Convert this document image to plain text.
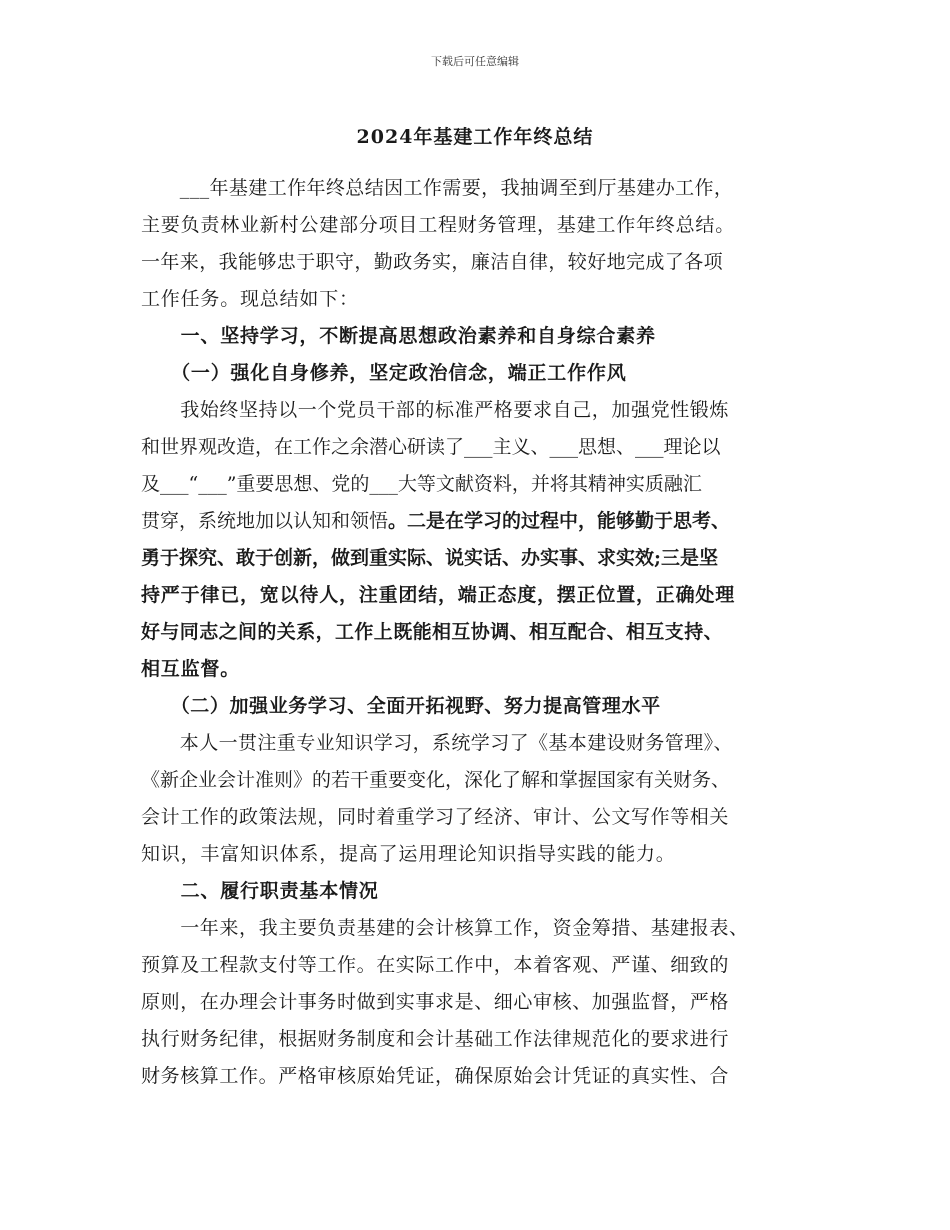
下载后可任意编辑
2024年基建工作年终总结
　　___年基建工作年终总结因工作需要，我抽调至到厅基建办工作，
主要负责林业新村公建部分项目工程财务管理，基建工作年终总结。
一年来，我能够忠于职守，勤政务实，廉洁自律，较好地完成了各项
工作任务。现总结如下：
　　一、坚持学习，不断提高思想政治素养和自身综合素养
　　（一）强化自身修养，坚定政治信念，端正工作作风
　　我始终坚持以一个党员干部的标准严格要求自己，加强党性锻炼
和世界观改造，在工作之余潜心研读了___主义、___思想、___理论以
及___“___”重要思想、党的___大等文献资料，并将其精神实质融汇
贯穿，系统地加以认知和领悟。二是在学习的过程中，能够勤于思考、
勇于探究、敢于创新，做到重实际、说实话、办实事、求实效;三是坚
持严于律已，宽以待人，注重团结，端正态度，摆正位置，正确处理
好与同志之间的关系，工作上既能相互协调、相互配合、相互支持、
相互监督。
　　（二）加强业务学习、全面开拓视野、努力提高管理水平
　　本人一贯注重专业知识学习，系统学习了《基本建设财务管理》、
《新企业会计准则》的若干重要变化，深化了解和掌握国家有关财务、
会计工作的政策法规，同时着重学习了经济、审计、公文写作等相关
知识，丰富知识体系，提高了运用理论知识指导实践的能力。
　　二、履行职责基本情况
　　一年来，我主要负责基建的会计核算工作，资金筹措、基建报表、
预算及工程款支付等工作。在实际工作中，本着客观、严谨、细致的
原则，在办理会计事务时做到实事求是、细心审核、加强监督，严格
执行财务纪律，根据财务制度和会计基础工作法律规范化的要求进行
财务核算工作。严格审核原始凭证，确保原始会计凭证的真实性、合
